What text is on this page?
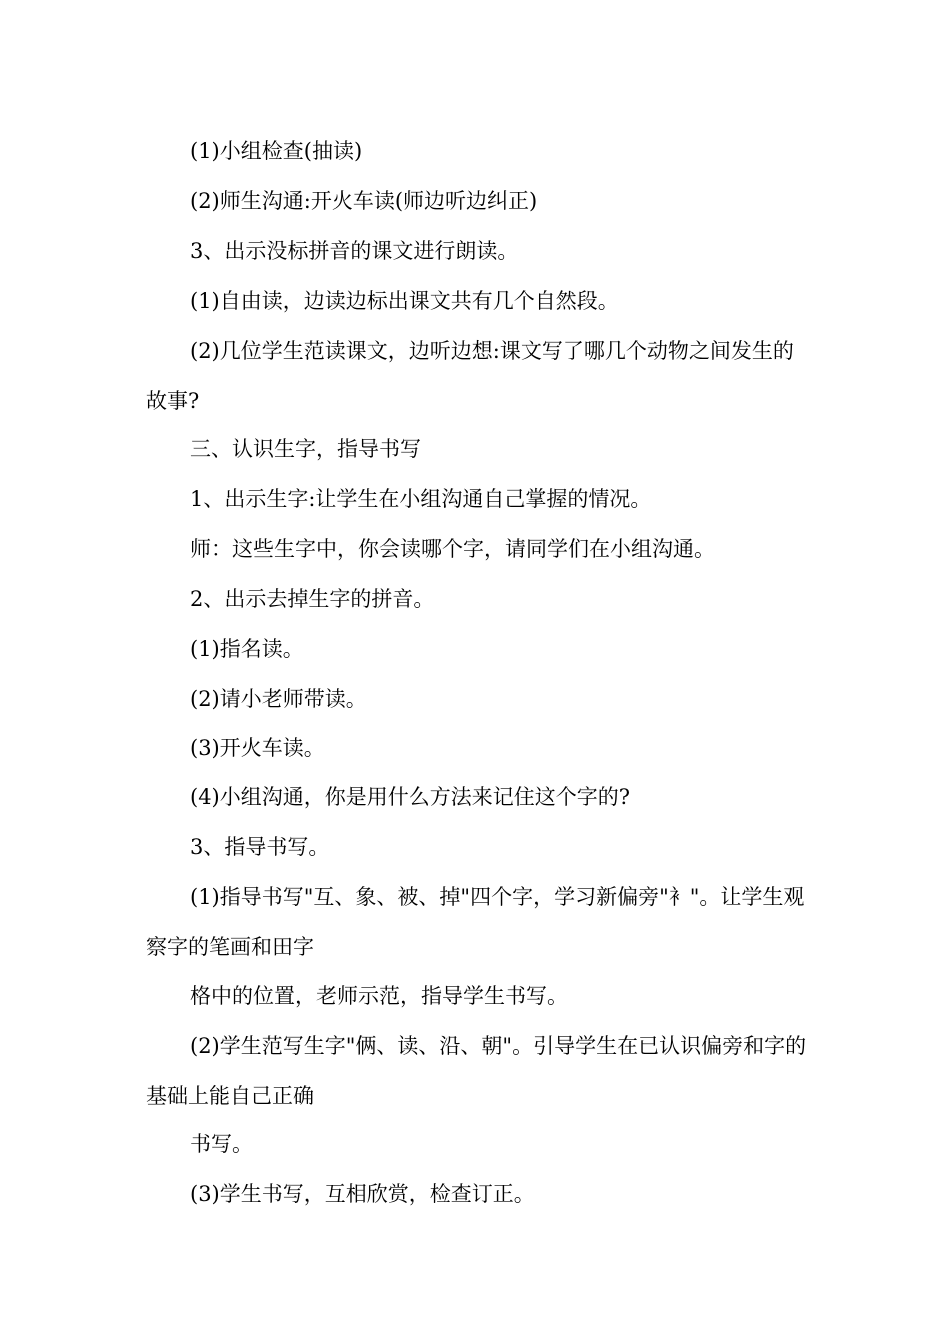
(1)小组检查(抽读)
(2)师生沟通:开火车读(师边听边纠正)
3、出示没标拼音的课文进行朗读。
(1)自由读，边读边标出课文共有几个自然段。
(2)几位学生范读课文，边听边想:课文写了哪几个动物之间发生的故事?
三、认识生字，指导书写
1、出示生字:让学生在小组沟通自己掌握的情况。
师：这些生字中，你会读哪个字，请同学们在小组沟通。
2、出示去掉生字的拼音。
(1)指名读。
(2)请小老师带读。
(3)开火车读。
(4)小组沟通，你是用什么方法来记住这个字的?
3、指导书写。
(1)指导书写"互、象、被、掉"四个字，学习新偏旁"衤"。让学生观察字的笔画和田字
格中的位置，老师示范，指导学生书写。
(2)学生范写生字"俩、读、沿、朝"。引导学生在已认识偏旁和字的基础上能自己正确
书写。
(3)学生书写，互相欣赏，检查订正。
